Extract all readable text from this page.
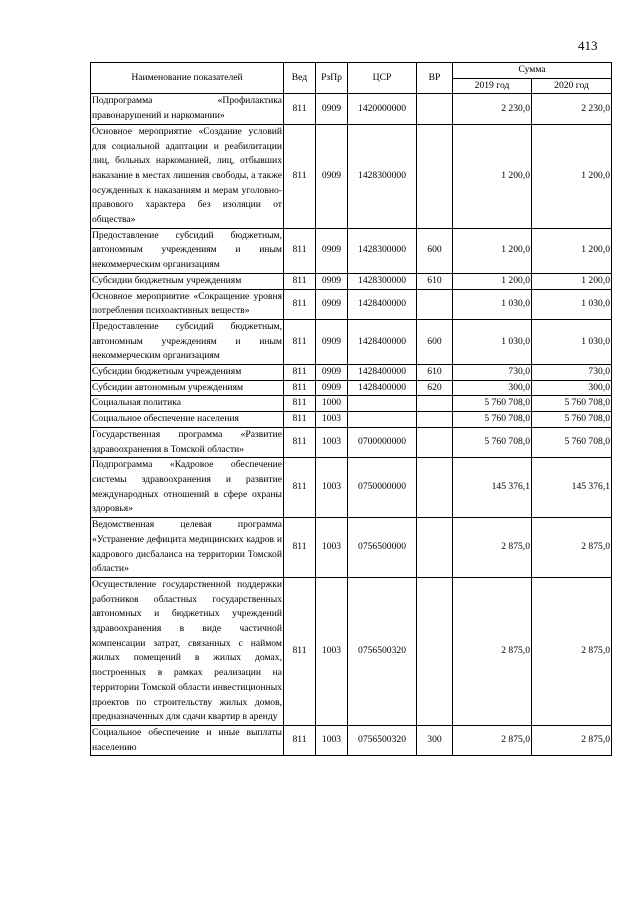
413
Наименование показателей	Вед	РзПр	ЦСР	ВР	Сумма	
					2019 год	2020 год
Подпрограмма «Профилактика правонарушений и наркомании»	811	0909	1420000000		2 230,0	2 230,0
Основное мероприятие «Создание условий для социальной адаптации и реабилитации лиц, больных наркоманией, лиц, отбывших наказание в местах лишения свободы, а также осужденных к наказаниям и мерам уголовно-правового характера без изоляции от общества»	811	0909	1428300000		1 200,0	1 200,0
Предоставление субсидий бюджетным, автономным учреждениям и иным некоммерческим организациям	811	0909	1428300000	600	1 200,0	1 200,0
Субсидии бюджетным учреждениям	811	0909	1428300000	610	1 200,0	1 200,0
Основное мероприятие «Сокращение уровня потребления психоактивных веществ»	811	0909	1428400000		1 030,0	1 030,0
Предоставление субсидий бюджетным, автономным учреждениям и иным некоммерческим организациям	811	0909	1428400000	600	1 030,0	1 030,0
Субсидии бюджетным учреждениям	811	0909	1428400000	610	730,0	730,0
Субсидии автономным учреждениям	811	0909	1428400000	620	300,0	300,0
Социальная политика	811	1000			5 760 708,0	5 760 708,0
Социальное обеспечение населения	811	1003			5 760 708,0	5 760 708,0
Государственная программа «Развитие здравоохранения в Томской области»	811	1003	0700000000		5 760 708,0	5 760 708,0
Подпрограмма «Кадровое обеспечение системы здравоохранения и развитие международных отношений в сфере охраны здоровья»	811	1003	0750000000		145 376,1	145 376,1
Ведомственная целевая программа «Устранение дефицита медицинских кадров и кадрового дисбаланса на территории Томской области»	811	1003	0756500000		2 875,0	2 875,0
Осуществление государственной поддержки работников областных государственных автономных и бюджетных учреждений здравоохранения в виде частичной компенсации затрат, связанных с наймом жилых помещений в жилых домах, построенных в рамках реализации на территории Томской области инвестиционных проектов по строительству жилых домов, предназначенных для сдачи квартир в аренду	811	1003	0756500320		2 875,0	2 875,0
Социальное обеспечение и иные выплаты населению	811	1003	0756500320	300	2 875,0	2 875,0
